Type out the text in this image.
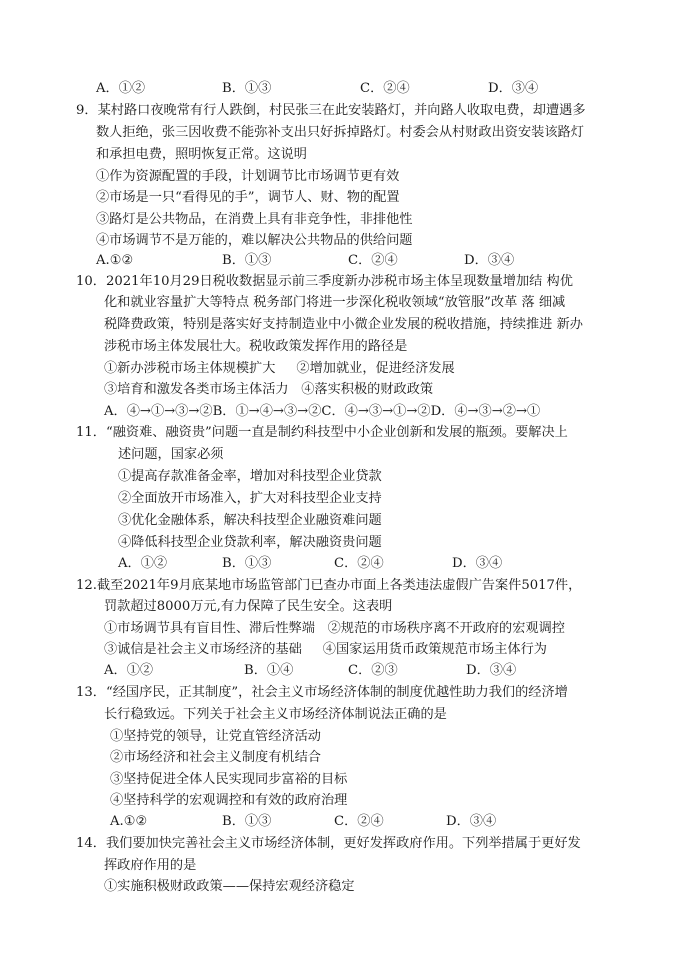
A．①②	B．①③	C．②④	D．③④
9．某村路口夜晚常有行人跌倒，村民张三在此安装路灯，并向路人收取电费，却遭遇多
数人拒绝，张三因收费不能弥补支出只好拆掉路灯。村委会从村财政出资安装该路灯
和承担电费，照明恢复正常。这说明
①作为资源配置的手段，计划调节比市场调节更有效
②市场是一只“看得见的手”，调节人、财、物的配置
③路灯是公共物品，在消费上具有非竞争性，非排他性
④市场调节不是万能的，难以解决公共物品的供给问题
A.①②	B．①③	C．②④	D．③④
10．2021年10月29日税收数据显示前三季度新办涉税市场主体呈现数量增加结 构优
化和就业容量扩大等特点 税务部门将进一步深化税收领域“放管服”改革 落 细减
税降费政策，特别是落实好支持制造业中小微企业发展的税收措施，持续推进 新办
涉税市场主体发展壮大。税收政策发挥作用的路径是
①新办涉税市场主体规模扩大     ②增加就业，促进经济发展
③培育和激发各类市场主体活力   ④落实积极的财政政策
A．④→①→③→②B．①→④→③→②C．④→③→①→②D．④→③→②→①
11．“融资难、融资贵”问题一直是制约科技型中小企业创新和发展的瓶颈。要解决上
述问题，国家必须
①提高存款准备金率，增加对科技型企业贷款
②全面放开市场准入，扩大对科技型企业支持
③优化金融体系，解决科技型企业融资难问题
④降低科技型企业贷款利率，解决融资贵问题
A．①②	B．①③	C．②④	D．③④
12.截至2021年9月底某地市场监管部门已查办市面上各类违法虚假广告案件5017件，
罚款超过8000万元,有力保障了民生安全。这表明
①市场调节具有盲目性、滞后性弊端   ②规范的市场秩序离不开政府的宏观调控
③诚信是社会主义市场经济的基础     ④国家运用货币政策规范市场主体行为
A．①②	B．①④	C．②③	D．③④
13．“经国序民，正其制度”，社会主义市场经济体制的制度优越性助力我们的经济增
长行稳致远。下列关于社会主义市场经济体制说法正确的是
①坚持党的领导，让党直管经济活动
②市场经济和社会主义制度有机结合
③坚持促进全体人民实现同步富裕的目标
④坚持科学的宏观调控和有效的政府治理
A.①②	B．①③	C．②④	D．③④
14．我们要加快完善社会主义市场经济体制，更好发挥政府作用。下列举措属于更好发
挥政府作用的是
①实施积极财政政策——保持宏观经济稳定
